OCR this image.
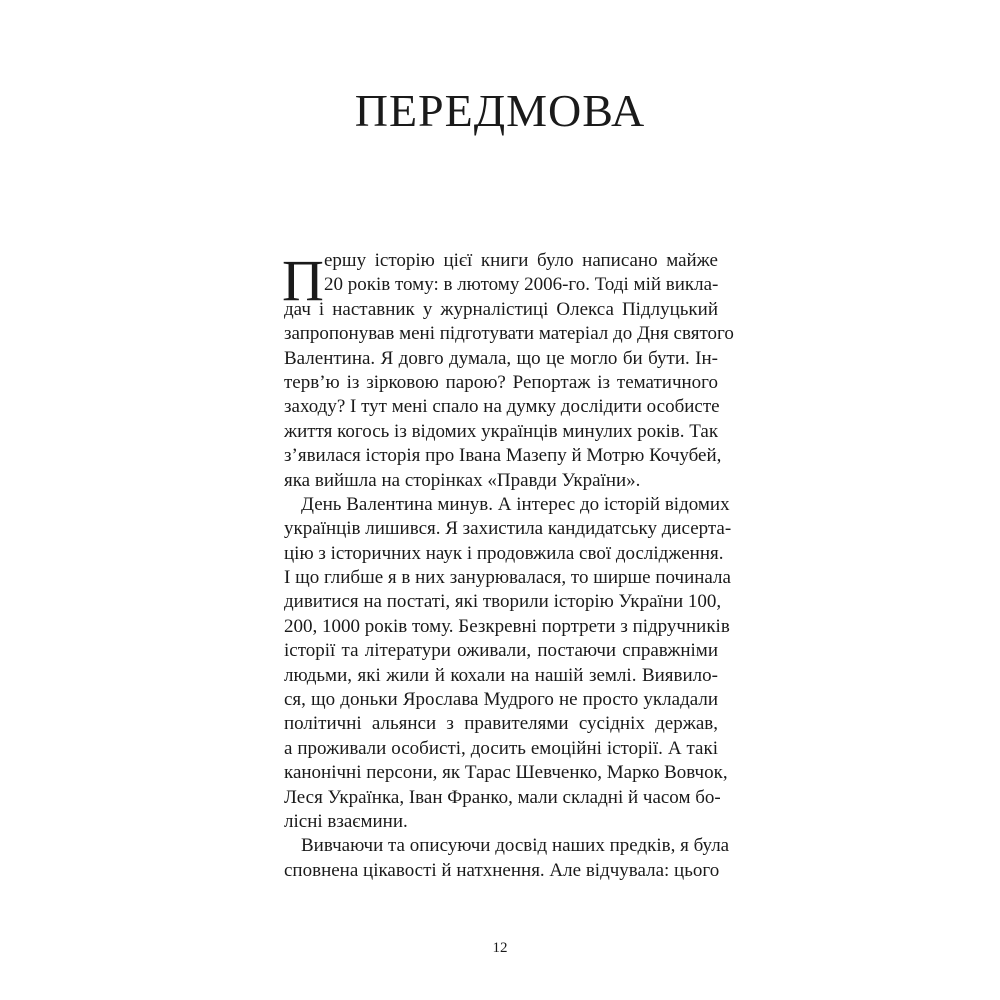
ПЕРЕДМОВА
П ершу історію цієї книги було написано майже
20 років тому: в лютому 2006-го. Тоді мій викла-
дач і наставник у журналістиці Олекса Підлуцький
запропонував мені підготувати матеріал до Дня святого
Валентина. Я довго думала, що це могло би бути. Ін-
терв’ю із зірковою парою? Репортаж із тематичного
заходу? І тут мені спало на думку дослідити особисте
життя когось із відомих українців минулих років. Так
з’явилася історія про Івана Мазепу й Мотрю Кочубей,
яка вийшла на сторінках «Правди України».
День Валентина минув. А інтерес до історій відомих
українців лишився. Я захистила кандидатську дисерта-
цію з історичних наук і продовжила свої дослідження.
І що глибше я в них занурювалася, то ширше починала
дивитися на постаті, які творили історію України 100,
200, 1000 років тому. Безкревні портрети з підручників
історії та літератури оживали, постаючи справжніми
людьми, які жили й кохали на нашій землі. Виявило-
ся, що доньки Ярослава Мудрого не просто укладали
політичні альянси з правителями сусідніх держав,
а проживали особисті, досить емоційні історії. А такі
канонічні персони, як Тарас Шевченко, Марко Вовчок,
Леся Українка, Іван Франко, мали складні й часом бо-
лісні взаємини.
Вивчаючи та описуючи досвід наших предків, я була
сповнена цікавості й натхнення. Але відчувала: цього
12
